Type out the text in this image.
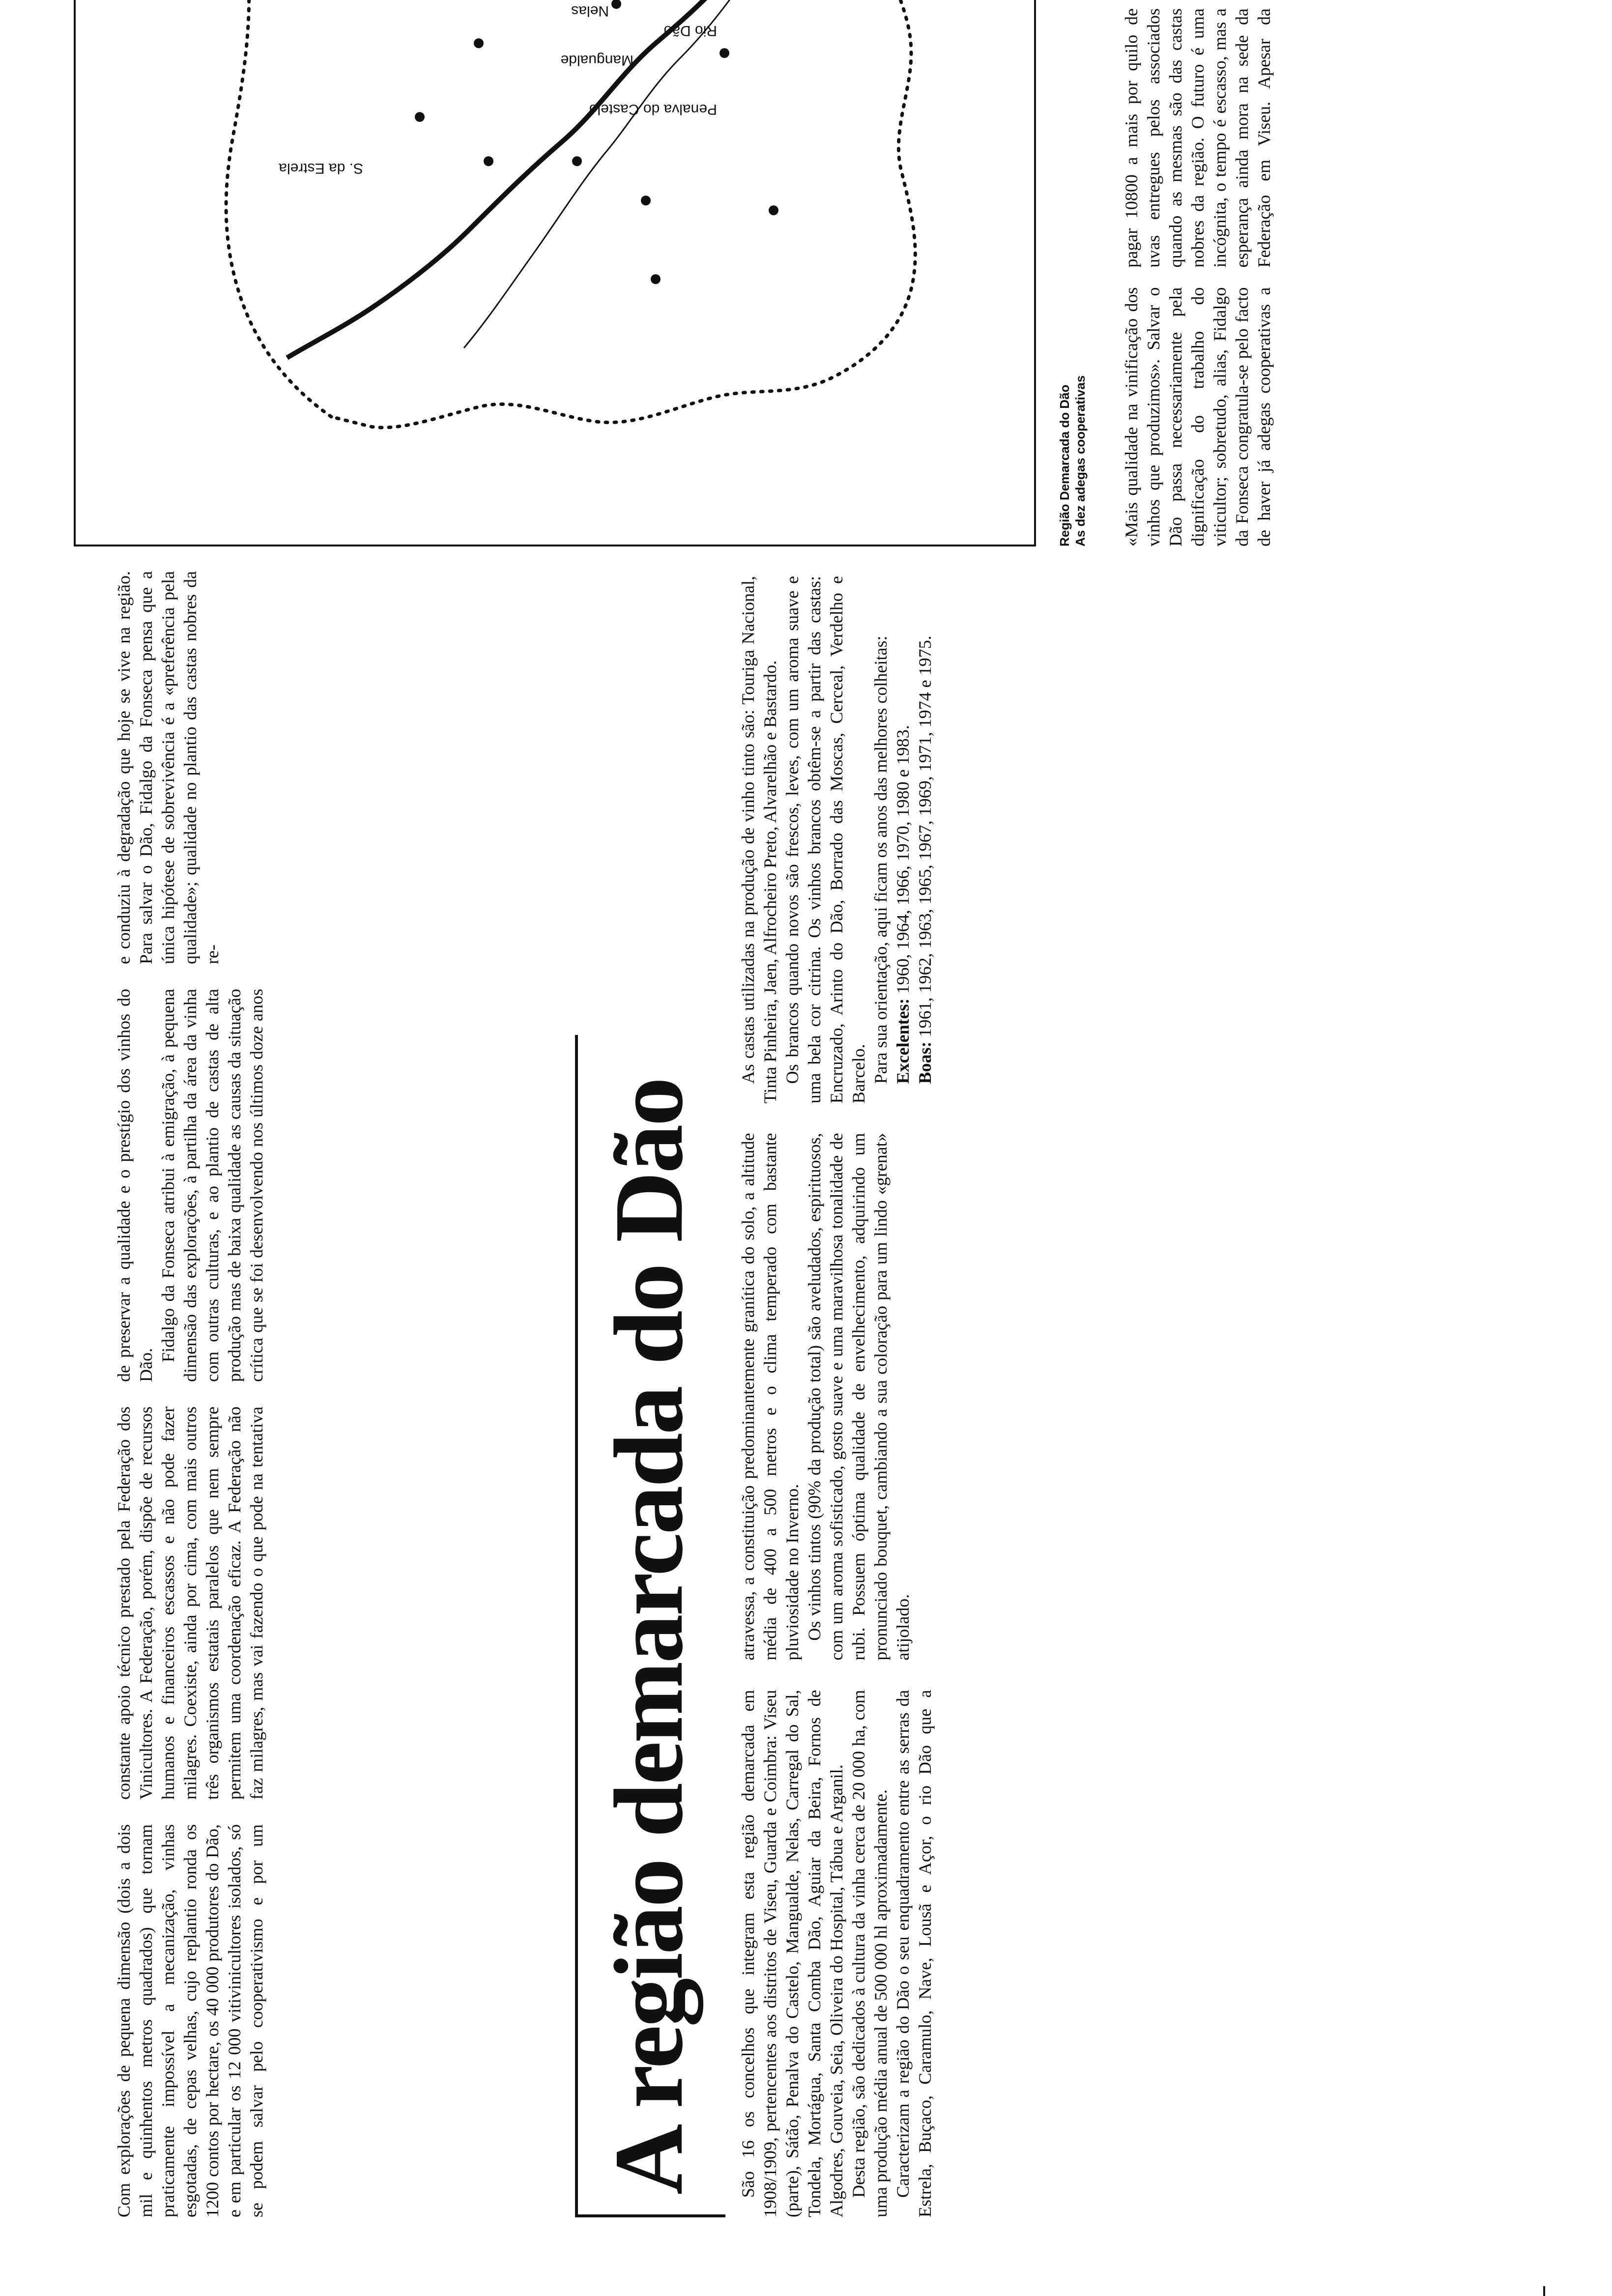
Com explorações de pequena dimensão (dois a dois mil e quinhentos metros quadrados) que tornam praticamente impossível a mecanização, vinhas esgotadas, de cepas velhas, cujo replantio ronda os 1200 contos por hectare, os 40 000 produtores do Dão, e em particular os 12 000 vitivinicultores isolados, só se podem salvar pelo cooperativismo e por um constante apoio técnico prestado pela Federação dos Vinicultores. A Federação, porém, dispõe de recursos humanos e financeiros escassos e não pode fazer milagres. Coexiste, ainda por cima, com mais outros três organismos estatais paralelos que nem sempre permitem uma coordenação eficaz. A Federação não faz milagres, mas vai fazendo o que pode na tentativa de preservar a qualidade e o prestígio dos vinhos do Dão.

Fidalgo da Fonseca atribui à emigração, à pequena dimensão das explorações, à partilha da área da vinha com outras culturas, e ao plantio de castas de alta produção mas de baixa qualidade as causas da situação crítica que se foi desenvolvendo nos últimos doze anos e conduziu à degradação que hoje se vive na região. Para salvar o Dão, Fidalgo da Fonseca pensa que a única hipótese de sobrevivência é a «preferência pela qualidade»; qualidade no plantio das castas nobres da re-

S. da Estrela
Rio Dão
Penalva do Castelo
Mangualde
Nelas
Região Demarcada do Dão As dez adegas cooperativas
A região demarcada do Dão São 16 os concelhos que integram esta região demarcada em 1908/1909, pertencentes aos distritos de Viseu, Guarda e Coimbra: Viseu (parte), Sátão, Penalva do Castelo, Mangualde, Nelas, Carregal do Sal, Tondela, Mortágua, Santa Comba Dão, Aguiar da Beira, Fornos de Algodres, Gouveia, Seia, Oliveira do Hospital, Tábua e Arganil. Desta região, são dedicados à cultura da vinha cerca de 20 000 ha, com uma produção média anual de 500 000 hl aproximadamente. Caracterizam a região do Dão o seu enquadramento entre as serras da Estrela, Buçaco, Caramulo, Nave, Lousã e Açor, o rio Dão que a atravessa, a constituição predominantemente granítica do solo, a altitude média de 400 a 500 metros e o clima temperado com bastante pluviosidade no Inverno. Os vinhos tintos (90% da produção total) são aveludados, espirituosos, com um aroma sofisticado, gosto suave e uma maravilhosa tonalidade de rubi. Possuem óptima qualidade de envelhecimento, adquirindo um pronunciado bouquet, cambiando a sua coloração para um lindo «grenat» atijolado.

As castas utilizadas na produção de vinho tinto são: Touriga Nacional, Tinta Pinheira, Jaen, Alfrocheiro Preto, Alvarelhão e Bastardo. Os brancos quando novos são frescos, leves, com um aroma suave e uma bela cor citrina. Os vinhos brancos obtêm-se a partir das castas: Encruzado, Arinto do Dão, Borrado das Moscas, Cerceal, Verdelho e Barcelo. Para sua orientação, aqui ficam os anos das melhores colheitas: Excelentes: 1960, 1964, 1966, 1970, 1980 e 1983.

Boas: 1961, 1962, 1963, 1965, 1967, 1969, 1971, 1974 e 1975.

«Mais qualidade na vinificação dos vinhos que produzimos». Salvar o Dão passa necessariamente pela dignificação do trabalho do viticultor; sobretudo, alias, Fidalgo da Fonseca congratula-se pelo facto de haver já adegas cooperativas a pagar 10800 a mais por quilo de uvas entregues pelos associados quando as mesmas são das castas nobres da região. O futuro é uma incógnita, o tempo é escasso, mas a esperança ainda mora na sede da Federação em Viseu. Apesar da
